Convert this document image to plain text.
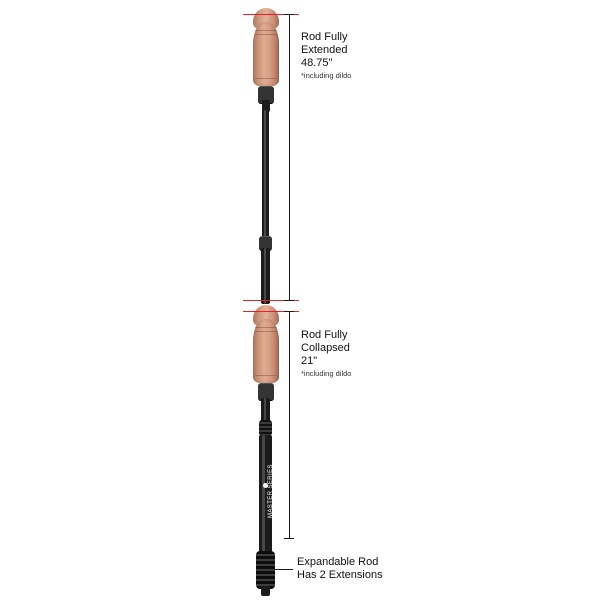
MASTER SERIES
Rod Fully
Extended
48.75"
*including dildo
Rod Fully
Collapsed
21"
*including dildo
Expandable Rod
Has 2 Extensions
